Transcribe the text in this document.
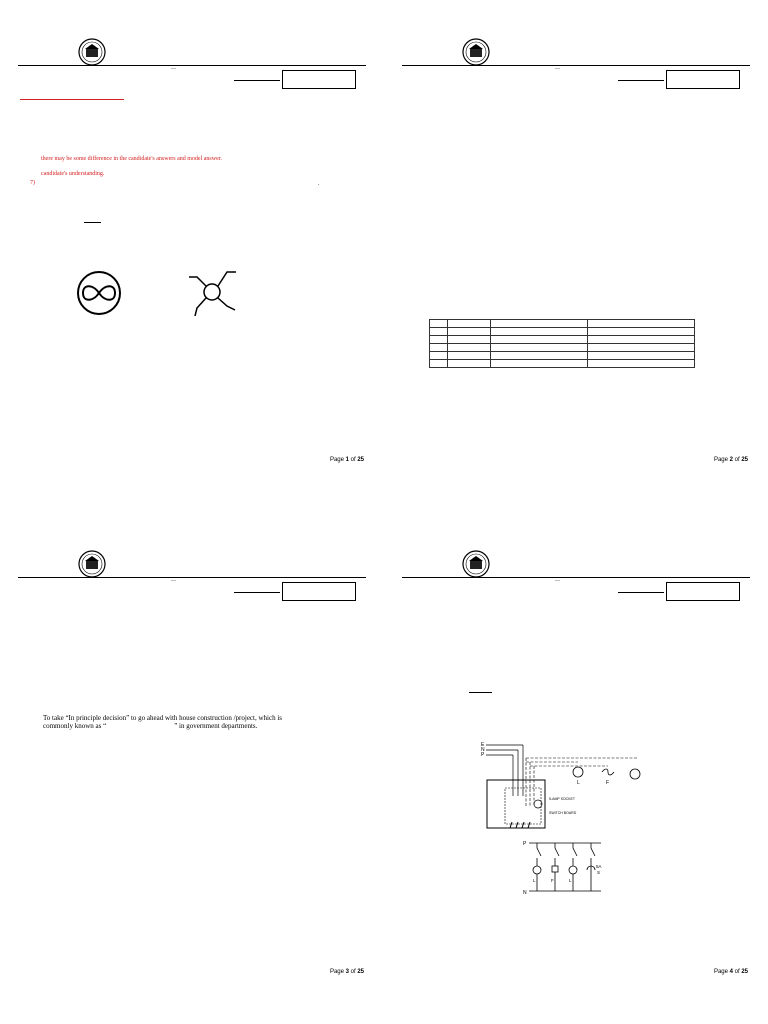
—
there may be some difference in the candidate's answers and model answer.
candidate's understanding.
7)	.
Page 1 of 25
—

Page 2 of 25
—
To take “In principle decision” to go ahead with house construction /project, which is
commonly known as “	” in government departments.
Page 3 of 25
—
E
N
P
F
L
5-AMP SOCKET
SWITCH BOARD
P
N
L	F	L
5A
S
Page 4 of 25
